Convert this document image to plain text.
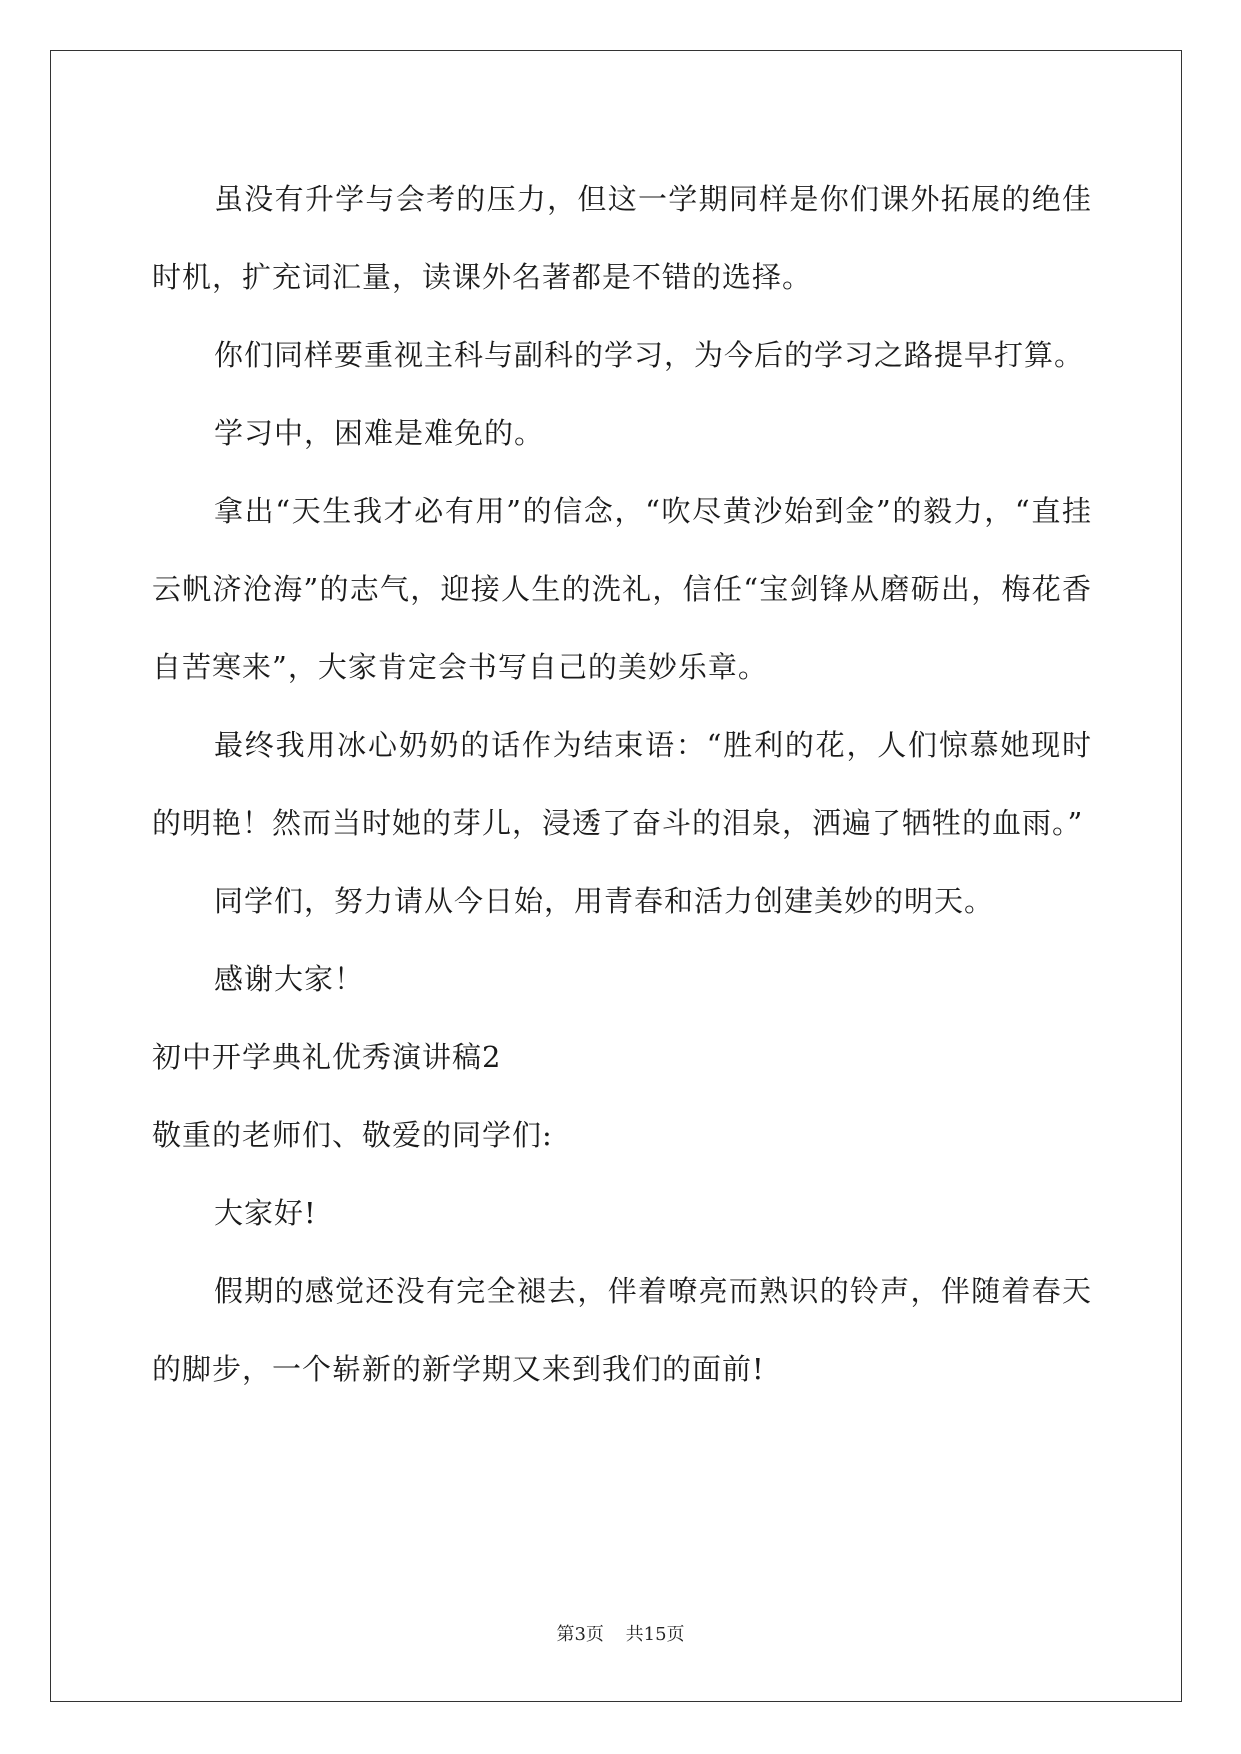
虽没有升学与会考的压力，但这一学期同样是你们课外拓展的绝佳时机，扩充词汇量，读课外名著都是不错的选择。

你们同样要重视主科与副科的学习，为今后的学习之路提早打算。

学习中，困难是难免的。

拿出“天生我才必有用”的信念，“吹尽黄沙始到金”的毅力，“直挂云帆济沧海”的志气，迎接人生的洗礼，信任“宝剑锋从磨砺出，梅花香自苦寒来”，大家肯定会书写自己的美妙乐章。

最终我用冰心奶奶的话作为结束语：“胜利的花，人们惊慕她现时的明艳！然而当时她的芽儿，浸透了奋斗的泪泉，洒遍了牺牲的血雨。”

同学们，努力请从今日始，用青春和活力创建美妙的明天。

感谢大家！

初中开学典礼优秀演讲稿2

敬重的老师们、敬爱的同学们:

大家好!

假期的感觉还没有完全褪去，伴着嘹亮而熟识的铃声，伴随着春天的脚步，一个崭新的新学期又来到我们的面前!

第3页 共15页
